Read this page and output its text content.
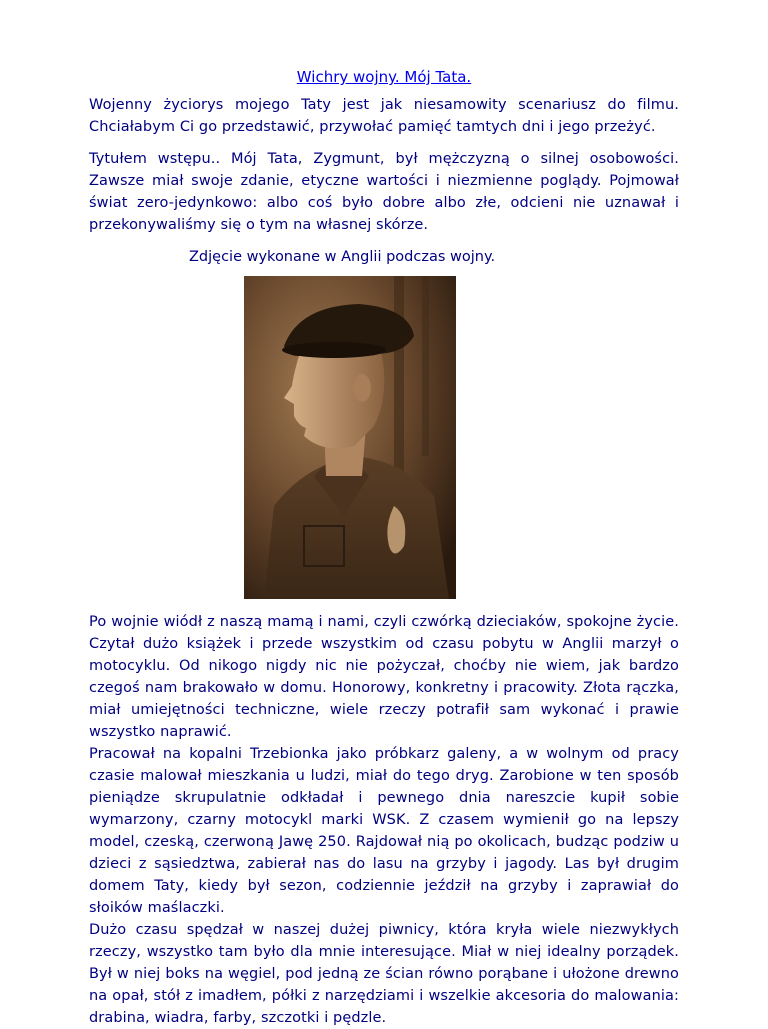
Wichry wojny. Mój Tata.

Wojenny życiorys mojego Taty jest jak niesamowity scenariusz do filmu. Chciałabym Ci go przedstawić, przywołać pamięć tamtych dni i jego przeżyć.

Tytułem wstępu.. Mój Tata, Zygmunt, był mężczyzną o silnej osobowości. Zawsze miał swoje zdanie, etyczne wartości i niezmienne poglądy. Pojmował świat zero-jedynkowo: albo coś było dobre albo złe, odcieni nie uznawał i przekonywaliśmy się o tym na własnej skórze.

Zdjęcie wykonane w Anglii podczas wojny.

Po wojnie wiódł z naszą mamą i nami, czyli czwórką dzieciaków, spokojne życie. Czytał dużo książek i przede wszystkim od czasu pobytu w Anglii marzył o motocyklu. Od nikogo nigdy nic nie pożyczał, choćby nie wiem, jak bardzo czegoś nam brakowało w domu. Honorowy, konkretny i pracowity. Złota rączka, miał umiejętności techniczne, wiele rzeczy potrafił sam wykonać i prawie wszystko naprawić.

Pracował na kopalni Trzebionka jako próbkarz galeny, a w wolnym od pracy czasie malował mieszkania u ludzi, miał do tego dryg. Zarobione w ten sposób pieniądze skrupulatnie odkładał i pewnego dnia nareszcie kupił sobie wymarzony, czarny motocykl marki WSK. Z czasem wymienił go na lepszy model, czeską, czerwoną Jawę 250. Rajdował nią po okolicach, budząc podziw u dzieci z sąsiedztwa, zabierał nas do lasu na grzyby i jagody. Las był drugim domem Taty, kiedy był sezon, codziennie jeździł na grzyby i zaprawiał do słoików maślaczki.

Dużo czasu spędzał w naszej dużej piwnicy, która kryła wiele niezwykłych rzeczy, wszystko tam było dla mnie interesujące. Miał w niej idealny porządek. Był w niej boks na węgiel, pod jedną ze ścian równo porąbane i ułożone drewno na opał, stół z imadłem, półki z narzędziami i wszelkie akcesoria do malowania: drabina, wiadra, farby, szczotki i pędzle.
